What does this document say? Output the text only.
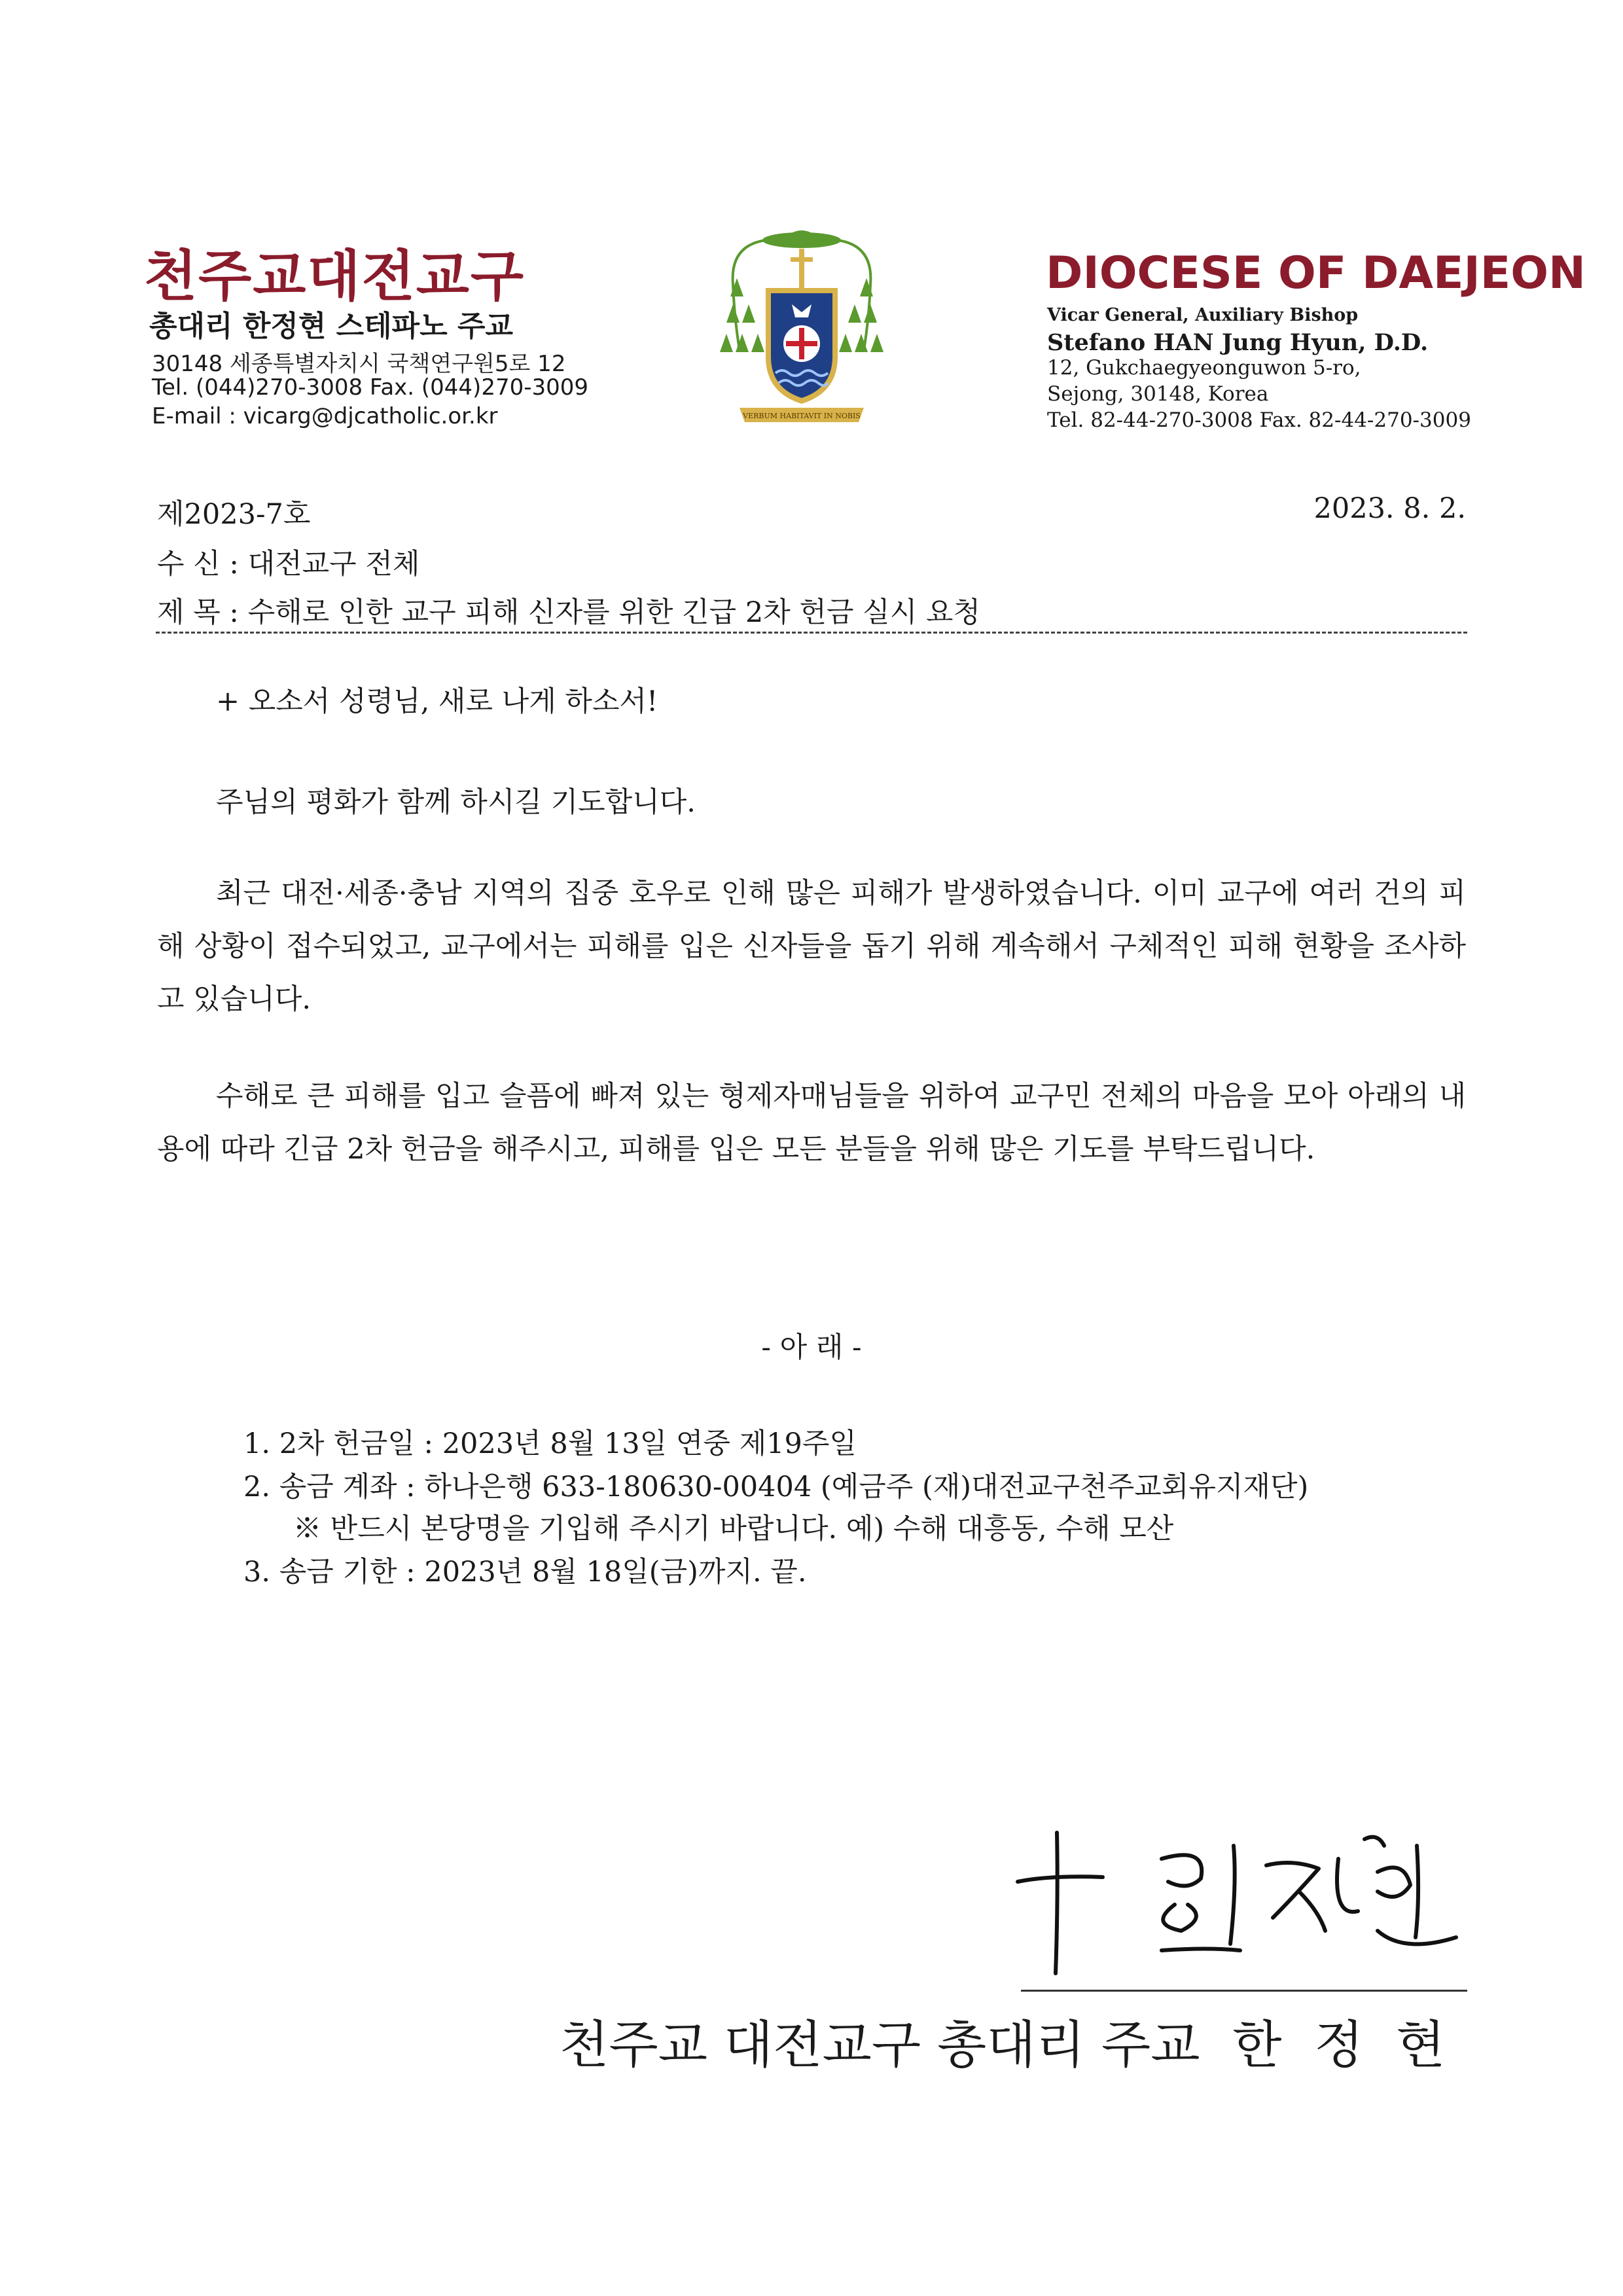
천주교대전교구
총대리 한정현 스테파노 주교
30148 세종특별자치시 국책연구원5로 12
Tel. (044)270-3008 Fax. (044)270-3009
E-mail : vicarg@djcatholic.or.kr	VERBUM HABITAVIT IN NOBIS
DIOCESE OF DAEJEON
Vicar General, Auxiliary Bishop
Stefano HAN Jung Hyun, D.D.
12, Gukchaegyeonguwon 5-ro,
Sejong, 30148, Korea
Tel. 82-44-270-3008 Fax. 82-44-270-3009
제2023-7호	2023. 8. 2.
수 신 : 대전교구 전체
제 목 : 수해로 인한 교구 피해 신자를 위한 긴급 2차 헌금 실시 요청
+ 오소서 성령님, 새로 나게 하소서!
주님의 평화가 함께 하시길 기도합니다.
최근 대전·세종·충남 지역의 집중 호우로 인해 많은 피해가 발생하였습니다. 이미 교구에 여러 건의 피해 상황이 접수되었고, 교구에서는 피해를 입은 신자들을 돕기 위해 계속해서 구체적인 피해 현황을 조사하고 있습니다.
수해로 큰 피해를 입고 슬픔에 빠져 있는 형제자매님들을 위하여 교구민 전체의 마음을 모아 아래의 내용에 따라 긴급 2차 헌금을 해주시고, 피해를 입은 모든 분들을 위해 많은 기도를 부탁드립니다.
- 아 래 -
1. 2차 헌금일 : 2023년 8월 13일 연중 제19주일
2. 송금 계좌 : 하나은행 633-180630-00404 (예금주 (재)대전교구천주교회유지재단)
※ 반드시 본당명을 기입해 주시기 바랍니다. 예) 수해 대흥동, 수해 모산
3. 송금 기한 : 2023년 8월 18일(금)까지. 끝.
천주교 대전교구 총대리 주교  한  정  현
